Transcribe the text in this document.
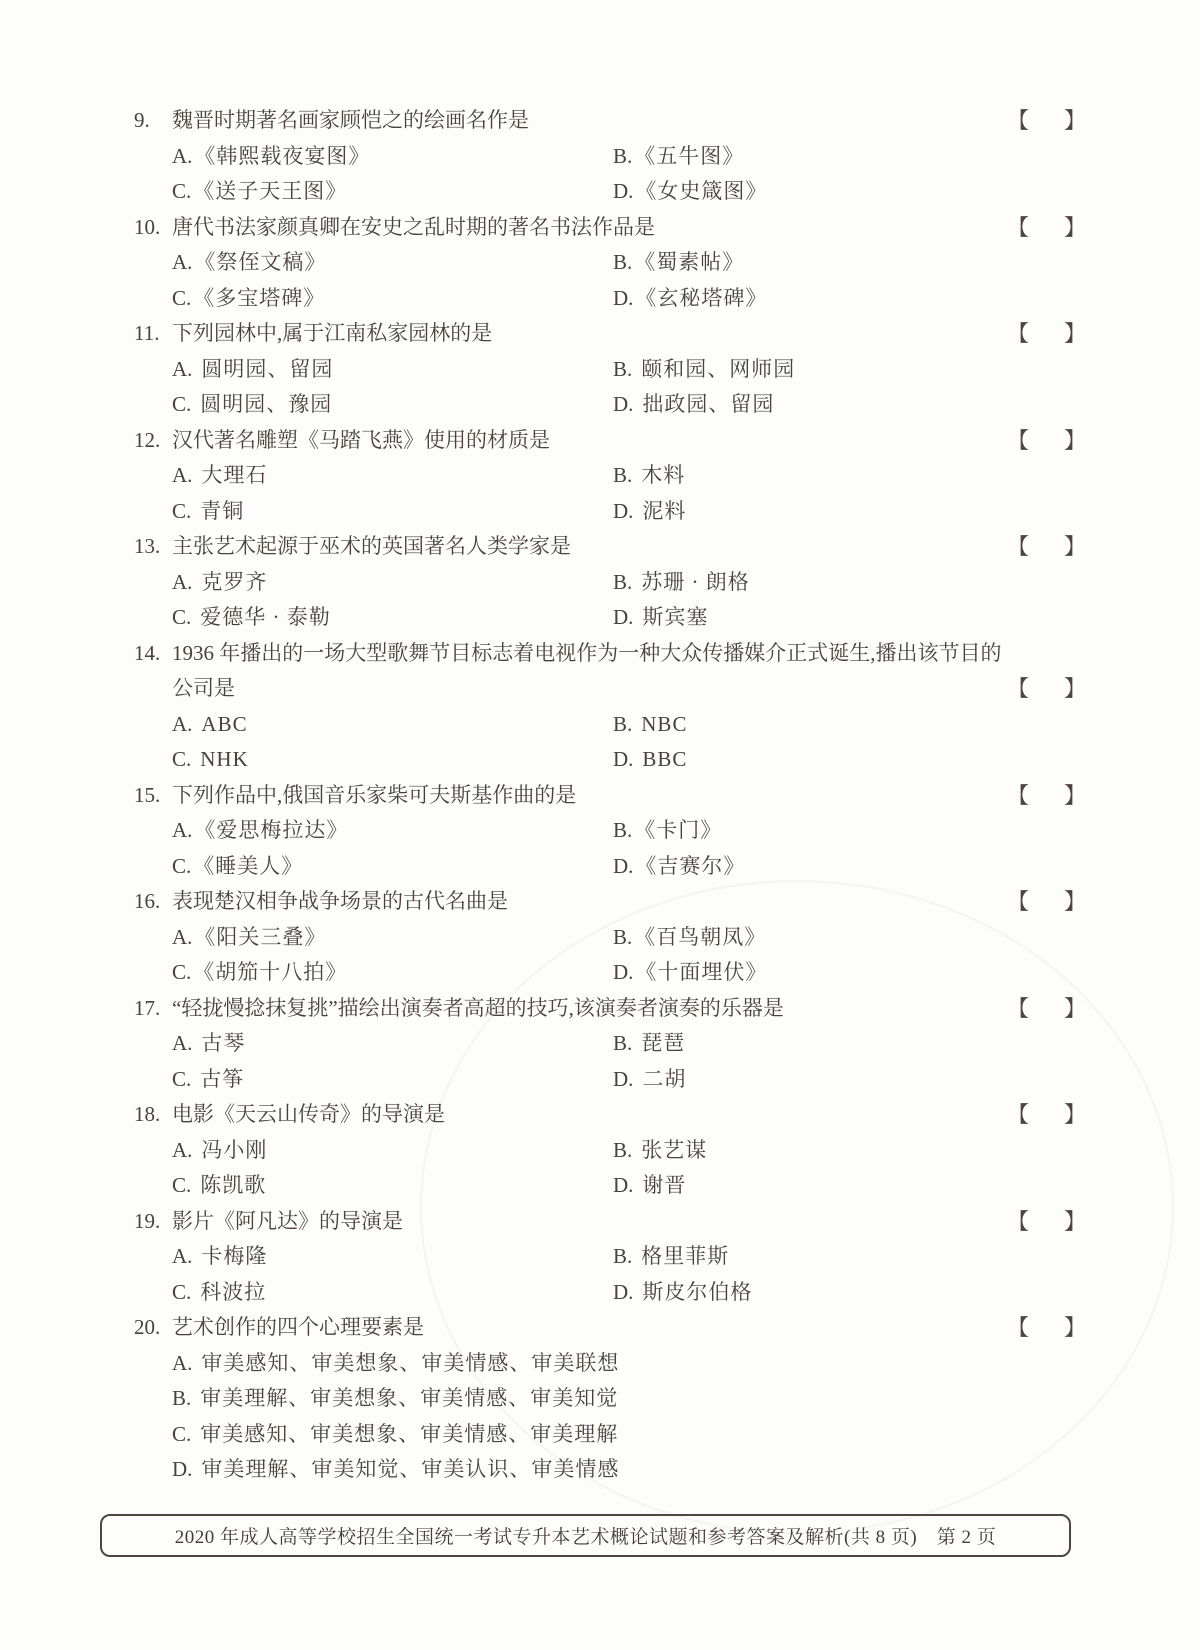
9. 魏晋时期著名画家顾恺之的绘画名作是	【 】
A.《韩熙载夜宴图》	B.《五牛图》
C.《送子天王图》	D.《女史箴图》
10. 唐代书法家颜真卿在安史之乱时期的著名书法作品是	【 】
A.《祭侄文稿》	B.《蜀素帖》
C.《多宝塔碑》	D.《玄秘塔碑》
11. 下列园林中,属于江南私家园林的是	【 】
A. 圆明园、留园	B. 颐和园、网师园
C. 圆明园、豫园	D. 拙政园、留园
12. 汉代著名雕塑《马踏飞燕》使用的材质是	【 】
A. 大理石	B. 木料
C. 青铜	D. 泥料
13. 主张艺术起源于巫术的英国著名人类学家是	【 】
A. 克罗齐	B. 苏珊 · 朗格
C. 爱德华 · 泰勒	D. 斯宾塞
14. 1936 年播出的一场大型歌舞节目标志着电视作为一种大众传播媒介正式诞生,播出该节目的
公司是	【 】
A. ABC	B. NBC
C. NHK	D. BBC
15. 下列作品中,俄国音乐家柴可夫斯基作曲的是	【 】
A.《爱思梅拉达》	B.《卡门》
C.《睡美人》	D.《吉赛尔》
16. 表现楚汉相争战争场景的古代名曲是	【 】
A.《阳关三叠》	B.《百鸟朝凤》
C.《胡笳十八拍》	D.《十面埋伏》
17. “轻拢慢捻抹复挑”描绘出演奏者高超的技巧,该演奏者演奏的乐器是	【 】
A. 古琴	B. 琵琶
C. 古筝	D. 二胡
18. 电影《天云山传奇》的导演是	【 】
A. 冯小刚	B. 张艺谋
C. 陈凯歌	D. 谢晋
19. 影片《阿凡达》的导演是	【 】
A. 卡梅隆	B. 格里菲斯
C. 科波拉	D. 斯皮尔伯格
20. 艺术创作的四个心理要素是	【 】
A. 审美感知、审美想象、审美情感、审美联想
B. 审美理解、审美想象、审美情感、审美知觉
C. 审美感知、审美想象、审美情感、审美理解
D. 审美理解、审美知觉、审美认识、审美情感
2020 年成人高等学校招生全国统一考试专升本艺术概论试题和参考答案及解析(共 8 页)　第 2 页
